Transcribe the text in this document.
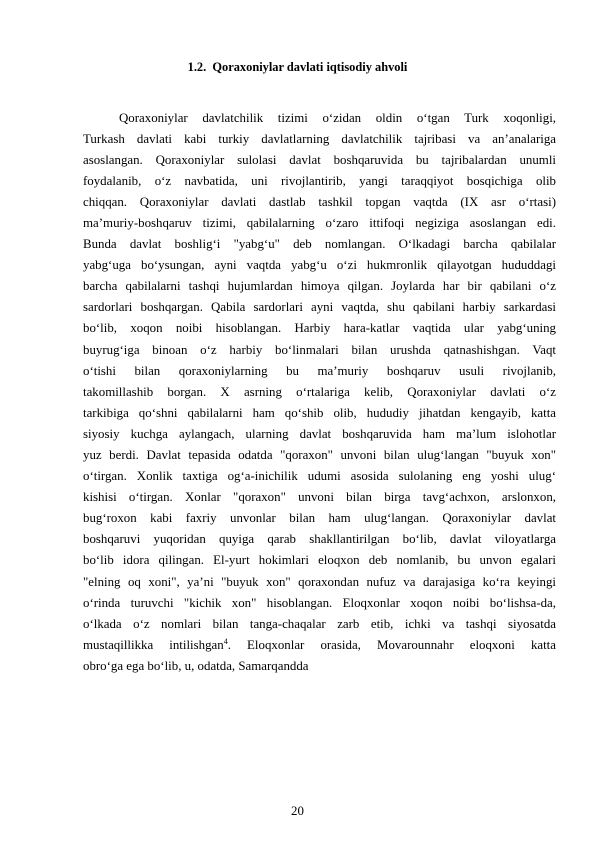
1.2.  Qoraxoniylar davlati iqtisodiy ahvoli
Qoraxoniylar davlatchilik tizimi o‘zidan oldin o‘tgan Turk xoqonligi,
Turkash davlati kabi turkiy davlatlarning davlatchilik tajribasi va an’analariga
asoslangan. Qoraxoniylar sulolasi davlat boshqaruvida bu tajribalardan unumli
foydalanib, o‘z navbatida, uni rivojlantirib, yangi taraqqiyot bosqichiga olib
chiqqan. Qoraxoniylar davlati dastlab tashkil topgan vaqtda (IX asr o‘rtasi)
ma’muriy-boshqaruv tizimi, qabilalarning o‘zaro ittifoqi negiziga asoslangan edi.
Bunda davlat boshlig‘i "yabg‘u" deb nomlangan. O‘lkadagi barcha qabilalar
yabg‘uga bo‘ysungan, ayni vaqtda yabg‘u o‘zi hukmronlik qilayotgan hududdagi
barcha qabilalarni tashqi hujumlardan himoya qilgan. Joylarda har bir qabilani o‘z
sardorlari boshqargan. Qabila sardorlari ayni vaqtda, shu qabilani harbiy sarkardasi
bo‘lib, xoqon noibi hisoblangan. Harbiy hara-katlar vaqtida ular yabg‘uning
buyrug‘iga binoan o‘z harbiy bo‘linmalari bilan urushda qatnashishgan. Vaqt
o‘tishi bilan qoraxoniylarning bu ma’muriy boshqaruv usuli rivojlanib,
takomillashib borgan. X asrning o‘rtalariga kelib, Qoraxoniylar davlati o‘z
tarkibiga qo‘shni qabilalarni ham qo‘shib olib, hududiy jihatdan kengayib, katta
siyosiy kuchga aylangach, ularning davlat boshqaruvida ham ma’lum islohotlar
yuz berdi. Davlat tepasida odatda "qoraxon" unvoni bilan ulug‘langan "buyuk xon"
o‘tirgan. Xonlik taxtiga og‘a-inichilik udumi asosida sulolaning eng yoshi ulug‘
kishisi o‘tirgan. Xonlar "qoraxon" unvoni bilan birga tavg‘achxon, arslonxon,
bug‘roxon kabi faxriy unvonlar bilan ham ulug‘langan. Qoraxoniylar davlat
boshqaruvi yuqoridan quyiga qarab shakllantirilgan bo‘lib, davlat viloyatlarga
bo‘lib idora qilingan. El-yurt hokimlari eloqxon deb nomlanib, bu unvon egalari
"elning oq xoni", ya’ni "buyuk xon" qoraxondan nufuz va darajasiga ko‘ra keyingi
o‘rinda turuvchi "kichik xon" hisoblangan. Eloqxonlar xoqon noibi bo‘lishsa-da,
o‘lkada o‘z nomlari bilan tanga-chaqalar zarb etib, ichki va tashqi siyosatda
mustaqillikka intilishgan$^4$. Eloqxonlar orasida, Movarounnahr eloqxoni katta
obro‘ga ega bo‘lib, u, odatda, Samarqandda
20
